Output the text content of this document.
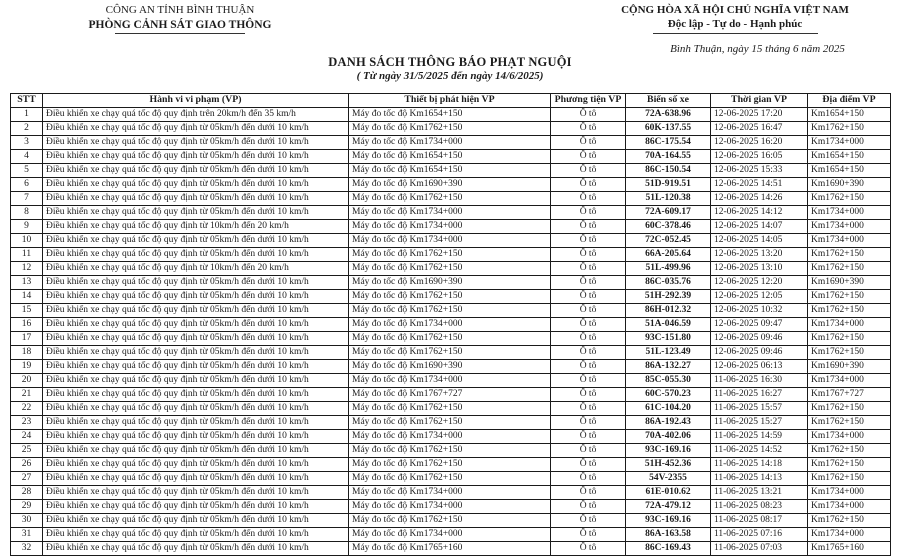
CÔNG AN TỈNH BÌNH THUẬN
PHÒNG CẢNH SÁT GIAO THÔNG
CỘNG HÒA XÃ HỘI CHỦ NGHĨA VIỆT NAM
Độc lập - Tự do - Hạnh phúc
Bình Thuận, ngày 15 tháng 6 năm 2025
DANH SÁCH THÔNG BÁO PHẠT NGUỘI
( Từ ngày 31/5/2025 đến ngày 14/6/2025)
STT	Hành vi vi phạm (VP)	Thiết bị phát hiện VP	Phương tiện VP	Biển số xe	Thời gian VP	Địa điểm VP
1	Điều khiển xe chạy quá tốc độ quy định trên 20km/h đến 35 km/h	Máy đo tốc độ Km1654+150	Ô tô	72A-638.96	12-06-2025 17:20	Km1654+150
2	Điều khiển xe chạy quá tốc độ quy định từ 05km/h đến dưới 10 km/h	Máy đo tốc độ Km1762+150	Ô tô	60K-137.55	12-06-2025 16:47	Km1762+150
3	Điều khiển xe chạy quá tốc độ quy định từ 05km/h đến dưới 10 km/h	Máy đo tốc độ Km1734+000	Ô tô	86C-175.54	12-06-2025 16:20	Km1734+000
4	Điều khiển xe chạy quá tốc độ quy định từ 05km/h đến dưới 10 km/h	Máy đo tốc độ Km1654+150	Ô tô	70A-164.55	12-06-2025 16:05	Km1654+150
5	Điều khiển xe chạy quá tốc độ quy định từ 05km/h đến dưới 10 km/h	Máy đo tốc độ Km1654+150	Ô tô	86C-150.54	12-06-2025 15:33	Km1654+150
6	Điều khiển xe chạy quá tốc độ quy định từ 05km/h đến dưới 10 km/h	Máy đo tốc độ Km1690+390	Ô tô	51D-919.51	12-06-2025 14:51	Km1690+390
7	Điều khiển xe chạy quá tốc độ quy định từ 05km/h đến dưới 10 km/h	Máy đo tốc độ Km1762+150	Ô tô	51L-120.38	12-06-2025 14:26	Km1762+150
8	Điều khiển xe chạy quá tốc độ quy định từ 05km/h đến dưới 10 km/h	Máy đo tốc độ Km1734+000	Ô tô	72A-609.17	12-06-2025 14:12	Km1734+000
9	Điều khiển xe chạy quá tốc độ quy định từ 10km/h đến 20 km/h	Máy đo tốc độ Km1734+000	Ô tô	60C-378.46	12-06-2025 14:07	Km1734+000
10	Điều khiển xe chạy quá tốc độ quy định từ 05km/h đến dưới 10 km/h	Máy đo tốc độ Km1734+000	Ô tô	72C-052.45	12-06-2025 14:05	Km1734+000
11	Điều khiển xe chạy quá tốc độ quy định từ 05km/h đến dưới 10 km/h	Máy đo tốc độ Km1762+150	Ô tô	66A-205.64	12-06-2025 13:20	Km1762+150
12	Điều khiển xe chạy quá tốc độ quy định từ 10km/h đến 20 km/h	Máy đo tốc độ Km1762+150	Ô tô	51L-499.96	12-06-2025 13:10	Km1762+150
13	Điều khiển xe chạy quá tốc độ quy định từ 05km/h đến dưới 10 km/h	Máy đo tốc độ Km1690+390	Ô tô	86C-035.76	12-06-2025 12:20	Km1690+390
14	Điều khiển xe chạy quá tốc độ quy định từ 05km/h đến dưới 10 km/h	Máy đo tốc độ Km1762+150	Ô tô	51H-292.39	12-06-2025 12:05	Km1762+150
15	Điều khiển xe chạy quá tốc độ quy định từ 05km/h đến dưới 10 km/h	Máy đo tốc độ Km1762+150	Ô tô	86H-012.32	12-06-2025 10:32	Km1762+150
16	Điều khiển xe chạy quá tốc độ quy định từ 05km/h đến dưới 10 km/h	Máy đo tốc độ Km1734+000	Ô tô	51A-046.59	12-06-2025 09:47	Km1734+000
17	Điều khiển xe chạy quá tốc độ quy định từ 05km/h đến dưới 10 km/h	Máy đo tốc độ Km1762+150	Ô tô	93C-151.80	12-06-2025 09:46	Km1762+150
18	Điều khiển xe chạy quá tốc độ quy định từ 05km/h đến dưới 10 km/h	Máy đo tốc độ Km1762+150	Ô tô	51L-123.49	12-06-2025 09:46	Km1762+150
19	Điều khiển xe chạy quá tốc độ quy định từ 05km/h đến dưới 10 km/h	Máy đo tốc độ Km1690+390	Ô tô	86A-132.27	12-06-2025 06:13	Km1690+390
20	Điều khiển xe chạy quá tốc độ quy định từ 05km/h đến dưới 10 km/h	Máy đo tốc độ Km1734+000	Ô tô	85C-055.30	11-06-2025 16:30	Km1734+000
21	Điều khiển xe chạy quá tốc độ quy định từ 05km/h đến dưới 10 km/h	Máy đo tốc độ Km1767+727	Ô tô	60C-570.23	11-06-2025 16:27	Km1767+727
22	Điều khiển xe chạy quá tốc độ quy định từ 05km/h đến dưới 10 km/h	Máy đo tốc độ Km1762+150	Ô tô	61C-104.20	11-06-2025 15:57	Km1762+150
23	Điều khiển xe chạy quá tốc độ quy định từ 05km/h đến dưới 10 km/h	Máy đo tốc độ Km1762+150	Ô tô	86A-192.43	11-06-2025 15:27	Km1762+150
24	Điều khiển xe chạy quá tốc độ quy định từ 05km/h đến dưới 10 km/h	Máy đo tốc độ Km1734+000	Ô tô	70A-402.06	11-06-2025 14:59	Km1734+000
25	Điều khiển xe chạy quá tốc độ quy định từ 05km/h đến dưới 10 km/h	Máy đo tốc độ Km1762+150	Ô tô	93C-169.16	11-06-2025 14:52	Km1762+150
26	Điều khiển xe chạy quá tốc độ quy định từ 05km/h đến dưới 10 km/h	Máy đo tốc độ Km1762+150	Ô tô	51H-452.36	11-06-2025 14:18	Km1762+150
27	Điều khiển xe chạy quá tốc độ quy định từ 05km/h đến dưới 10 km/h	Máy đo tốc độ Km1762+150	Ô tô	54V-2355	11-06-2025 14:13	Km1762+150
28	Điều khiển xe chạy quá tốc độ quy định từ 05km/h đến dưới 10 km/h	Máy đo tốc độ Km1734+000	Ô tô	61E-010.62	11-06-2025 13:21	Km1734+000
29	Điều khiển xe chạy quá tốc độ quy định từ 05km/h đến dưới 10 km/h	Máy đo tốc độ Km1734+000	Ô tô	72A-479.12	11-06-2025 08:23	Km1734+000
30	Điều khiển xe chạy quá tốc độ quy định từ 05km/h đến dưới 10 km/h	Máy đo tốc độ Km1762+150	Ô tô	93C-169.16	11-06-2025 08:17	Km1762+150
31	Điều khiển xe chạy quá tốc độ quy định từ 05km/h đến dưới 10 km/h	Máy đo tốc độ Km1734+000	Ô tô	86A-163.58	11-06-2025 07:16	Km1734+000
32	Điều khiển xe chạy quá tốc độ quy định từ 05km/h đến dưới 10 km/h	Máy đo tốc độ Km1765+160	Ô tô	86C-169.43	11-06-2025 07:03	Km1765+160
